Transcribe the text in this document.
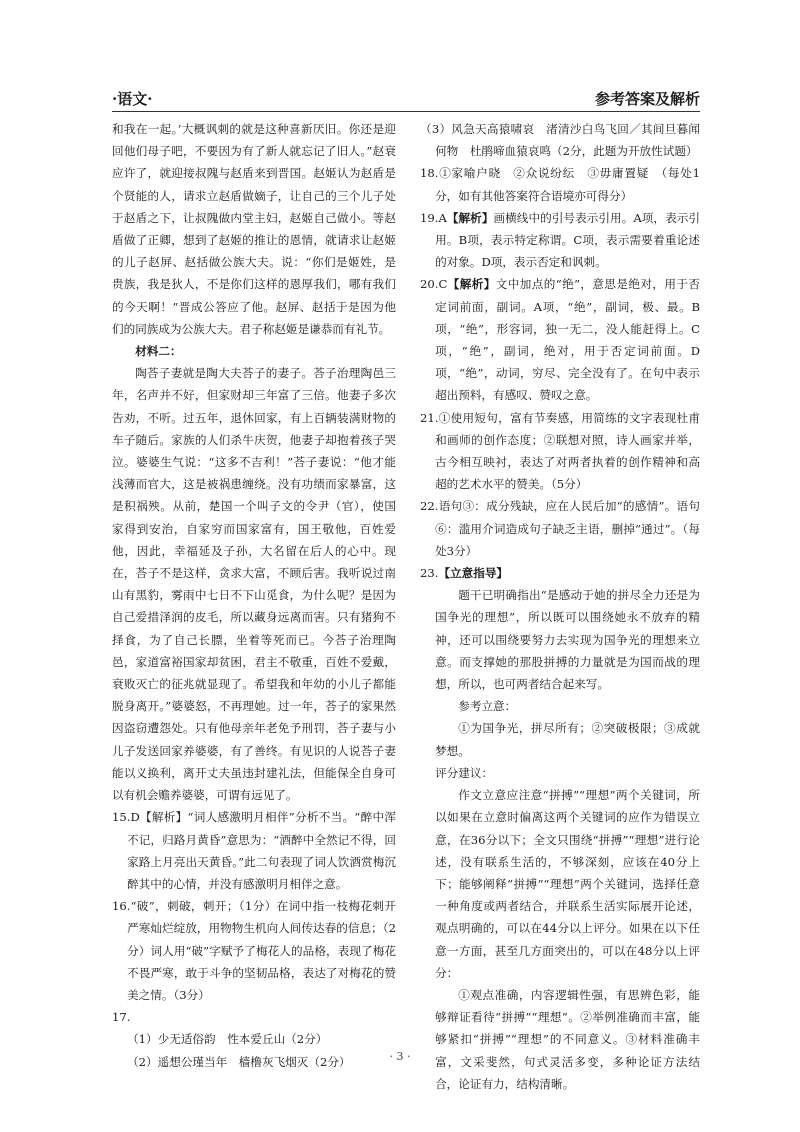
·语文·	参考答案及解析

和我在一起。’大概讽刺的就是这种喜新厌旧。你还是迎回他们母子吧，不要因为有了新人就忘记了旧人。”赵衰应许了，就迎接叔隗与赵盾来到晋国。赵姬认为赵盾是个贤能的人，请求立赵盾做嫡子，让自己的三个儿子处于赵盾之下，让叔隗做内堂主妇，赵姬自己做小。等赵盾做了正卿，想到了赵姬的推让的恩情，就请求让赵姬的儿子赵屏、赵括做公族大夫。说：“你们是姬姓，是贵族，我是狄人，不是你们这样的恩厚我们，哪有我们的今天啊！”晋成公答应了他。赵屏、赵括于是因为他们的同族成为公族大夫。君子称赵姬是谦恭而有礼节。

材料二：

陶荅子妻就是陶大夫荅子的妻子。荅子治理陶邑三年，名声并不好，但家财却三年富了三倍。他妻子多次告劝，不听。过五年，退休回家，有上百辆装满财物的车子随后。家族的人们杀牛庆贺，他妻子却抱着孩子哭泣。婆婆生气说：“这多不吉利！”荅子妻说：“他才能浅薄而官大，这是被祸患缠绕。没有功绩而家暴富，这是积祸殃。从前，楚国一个叫子文的令尹（官），使国家得到安治，自家穷而国家富有，国王敬他，百姓爱他，因此，幸福延及子孙，大名留在后人的心中。现在，荅子不是这样，贪求大富，不顾后害。我听说过南山有黑豹，雾雨中七日不下山觅食，为什么呢？是因为自己爱措泽润的皮毛，所以藏身远离而害。只有猪狗不择食，为了自己长膘，坐着等死而已。今荅子治理陶邑，家道富裕国家却贫困，君主不敬重，百姓不爱戴，衰败灭亡的征兆就显现了。希望我和年幼的小儿子都能脱身离开。”婆婆怒，不再理她。过一年，荅子的家果然因盗窃遭怨处。只有他母亲年老免予刑罚，荅子妻与小儿子发送回家养婆婆，有了善终。有见识的人说荅子妻能以义换利，离开丈夫虽违封建礼法，但能保全自身可以有机会赡养婆婆，可谓有远见了。

15.D【解析】“词人感激明月相伴”分析不当。“醉中浑不记，归路月黄昏”意思为：“酒醉中全然记不得，回家路上月亮出天黄昏。”此二句表现了词人饮酒赏梅沉醉其中的心情，并没有感激明月相伴之意。

16.“破”，刺破，刺开；（1分）在词中指一枝梅花刺开严寒灿烂绽放，用物物生机向人间传达春的信息；（2分）词人用“破”字赋予了梅花人的品格，表现了梅花不畏严寒，敢于斗争的坚韧品格，表达了对梅花的赞美之情。（3分）

17.

（1）少无适俗韵　性本爱丘山（2分）

（2）遥想公瑾当年　樯橹灰飞烟灭（2分）

（3）风急天高猿啸哀　渚清沙白鸟飞回／其间旦暮闻何物　杜鹃啼血猿哀鸣（2分，此题为开放性试题）

18.①家喻户晓　②众说纷纭　③毋庸置疑　（每处1分，如有其他答案符合语境亦可得分）

19.A【解析】画横线中的引号表示引用。A项，表示引用。B项，表示特定称谓。C项，表示需要着重论述的对象。D项，表示否定和讽刺。

20.C【解析】文中加点的“绝”，意思是绝对，用于否定词前面，副词。A项，“绝”，副词，极、最。B项，“绝”，形容词，独一无二，没人能赶得上。C项，“绝”，副词，绝对，用于否定词前面。D项，“绝”，动词，穷尽、完全没有了。在句中表示超出预料，有感叹、赞叹之意。

21.①使用短句，富有节奏感，用简练的文字表现杜甫和画师的创作态度；②联想对照，诗人画家并举，古今相互映衬，表达了对两者执着的创作精神和高超的艺术水平的赞美。（5分）

22.语句③：成分残缺，应在人民后加“的感情”。语句⑥：滥用介词造成句子缺乏主语，删掉“通过”。（每处3分）

23.【立意指导】

题干已明确指出“是感动于她的拼尽全力还是为国争光的理想”，所以既可以围绕她永不放弃的精神，还可以围绕要努力去实现为国争光的理想来立意。而支撑她的那股拼搏的力量就是为国而战的理想，所以，也可两者结合起来写。

参考立意：

①为国争光，拼尽所有；②突破极限；③成就梦想。

评分建议：

作文立意应注意“拼搏”“理想”两个关键词，所以如果在立意时偏离这两个关键词的应作为错误立意，在36分以下；全文只围绕“拼搏”“理想”进行论述，没有联系生活的，不够深刻，应该在40分上下；能够阐释“拼搏”“理想”两个关键词，选择任意一种角度或两者结合，并联系生活实际展开论述，观点明确的，可以在44分以上评分。如果在以下任意一方面，甚至几方面突出的，可以在48分以上评分：

①观点准确，内容逻辑性强，有思辨色彩，能够辩证看待“拼搏”“理想”。②举例准确而丰富，能够紧扣“拼搏”“理想”的不同意义。③材料准确丰富，文采斐然，句式灵活多变，多种论证方法结合，论证有力，结构清晰。

· 3 ·
